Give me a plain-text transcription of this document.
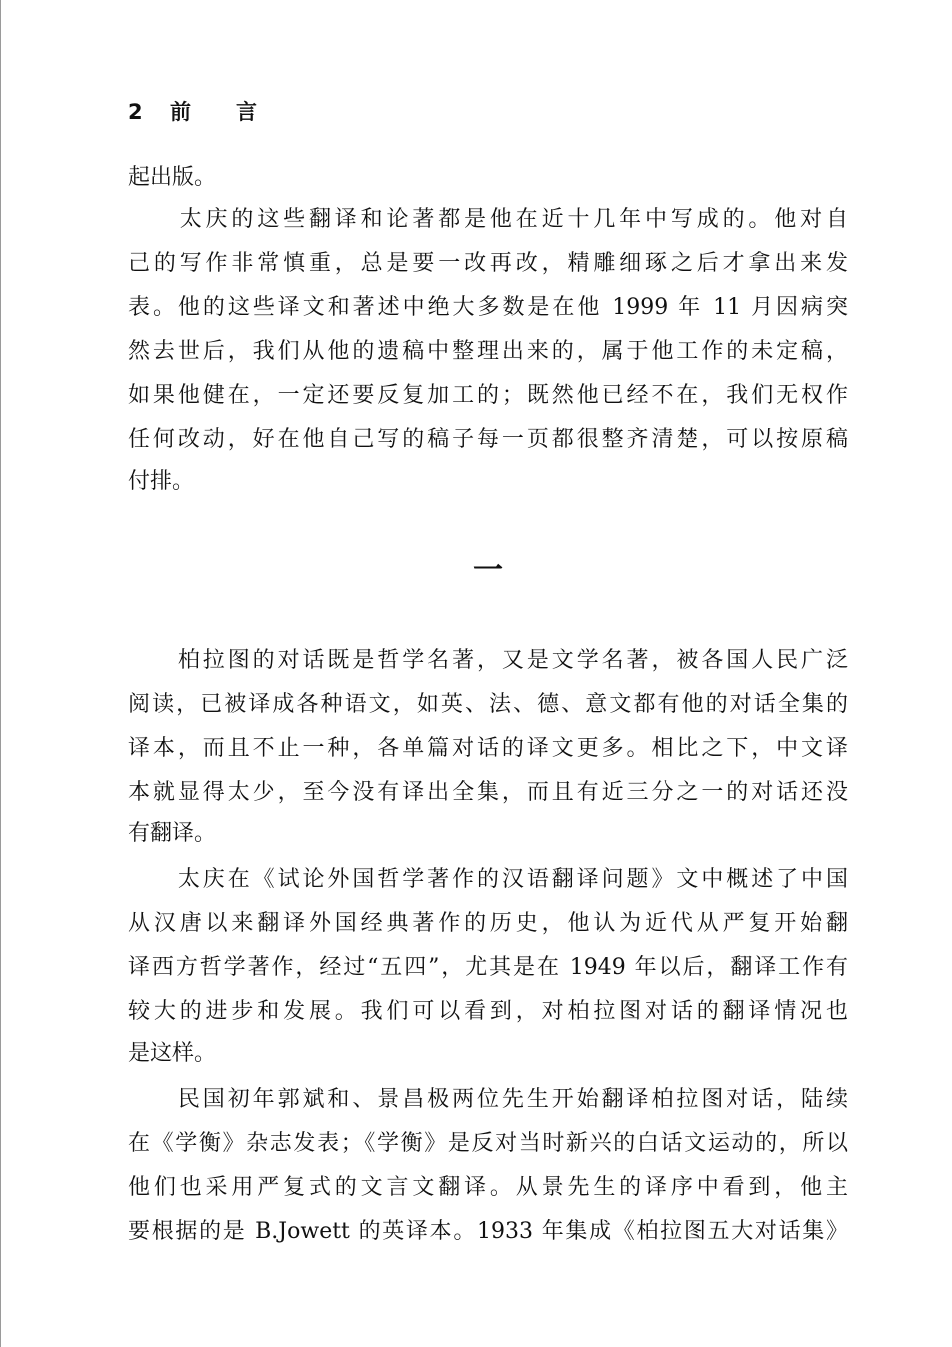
2 前 言
起出版。
　　太庆的这些翻译和论著都是他在近十几年中写成的。他对自
己的写作非常慎重，总是要一改再改，精雕细琢之后才拿出来发
表。他的这些译文和著述中绝大多数是在他 1999 年 11 月因病突
然去世后，我们从他的遗稿中整理出来的，属于他工作的未定稿，
如果他健在，一定还要反复加工的；既然他已经不在，我们无权作
任何改动，好在他自己写的稿子每一页都很整齐清楚，可以按原稿
付排。
一
　　柏拉图的对话既是哲学名著，又是文学名著，被各国人民广泛
阅读，已被译成各种语文，如英、法、德、意文都有他的对话全集的
译本，而且不止一种，各单篇对话的译文更多。相比之下，中文译
本就显得太少，至今没有译出全集，而且有近三分之一的对话还没
有翻译。
　　太庆在《试论外国哲学著作的汉语翻译问题》文中概述了中国
从汉唐以来翻译外国经典著作的历史，他认为近代从严复开始翻
译西方哲学著作，经过“五四”，尤其是在 1949 年以后，翻译工作有
较大的进步和发展。我们可以看到，对柏拉图对话的翻译情况也
是这样。
　　民国初年郭斌和、景昌极两位先生开始翻译柏拉图对话，陆续
在《学衡》杂志发表；《学衡》是反对当时新兴的白话文运动的，所以
他们也采用严复式的文言文翻译。从景先生的译序中看到，他主
要根据的是 B.Jowett 的英译本。1933 年集成《柏拉图五大对话集》
